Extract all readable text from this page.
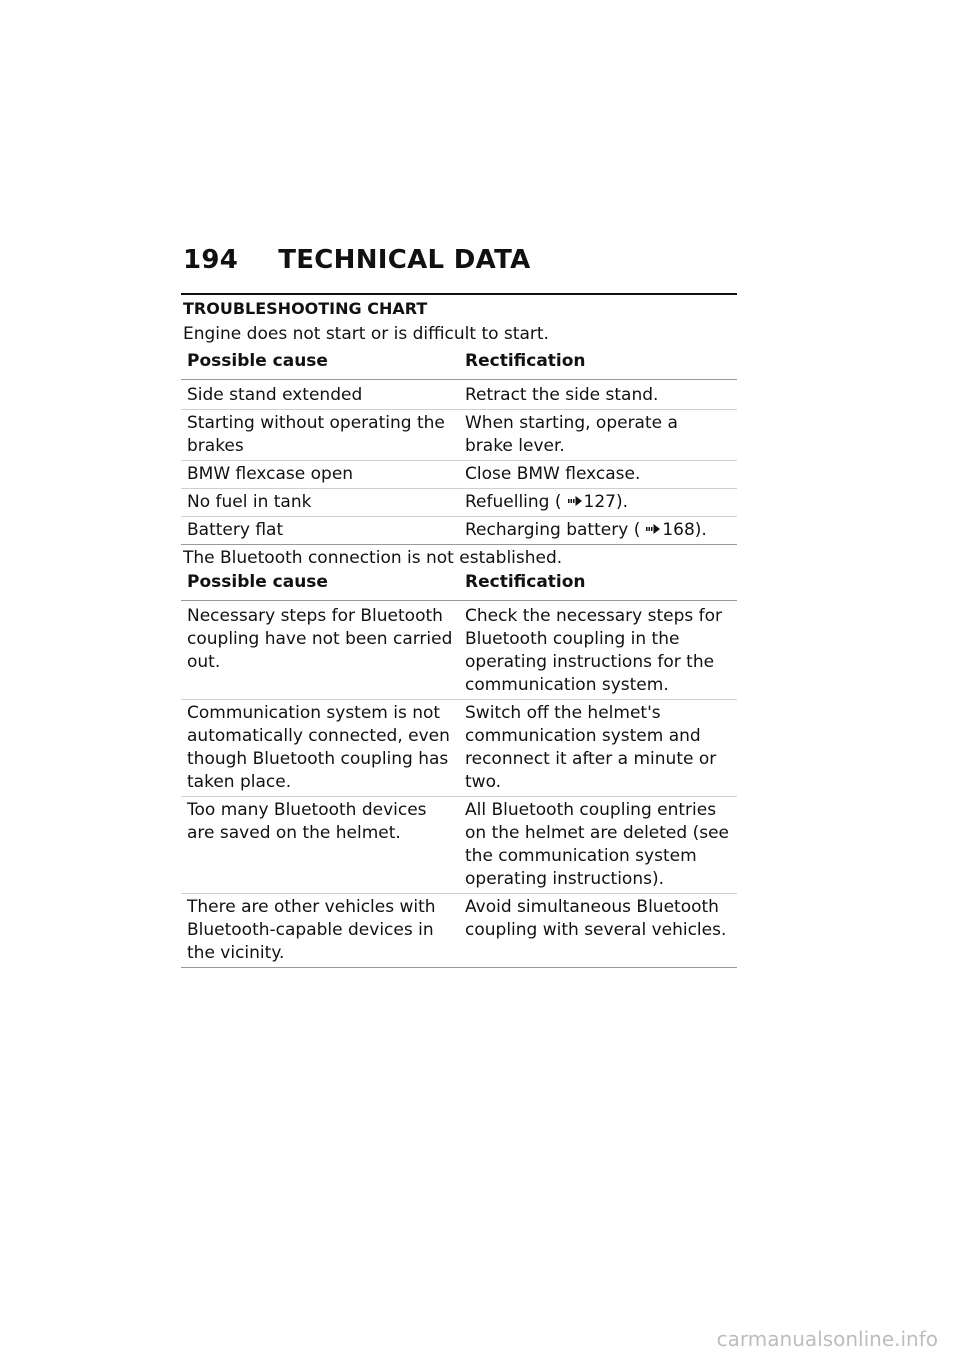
194 TECHNICAL DATA
TROUBLESHOOTING CHART

Engine does not start or is difficult to start.

Possible cause	Rectification
Side stand extended	Retract the side stand.
Starting without operating the brakes	When starting, operate a brake lever.
BMW flexcase open	Close BMW flexcase.
No fuel in tank	Refuelling ( 127).
Battery flat	Recharging battery ( 168).

The Bluetooth connection is not established.

Possible cause	Rectification
Necessary steps for Bluetooth coupling have not been carried out.	Check the necessary steps for Bluetooth coupling in the operating instructions for the communication system.
Communication system is not automatically connected, even though Bluetooth coupling has taken place.	Switch off the helmet's communication system and reconnect it after a minute or two.
Too many Bluetooth devices are saved on the helmet.	All Bluetooth coupling entries on the helmet are deleted (see the communication system operating instructions).
There are other vehicles with Bluetooth-capable devices in the vicinity.	Avoid simultaneous Bluetooth coupling with several vehicles.

carmanualsonline.info
